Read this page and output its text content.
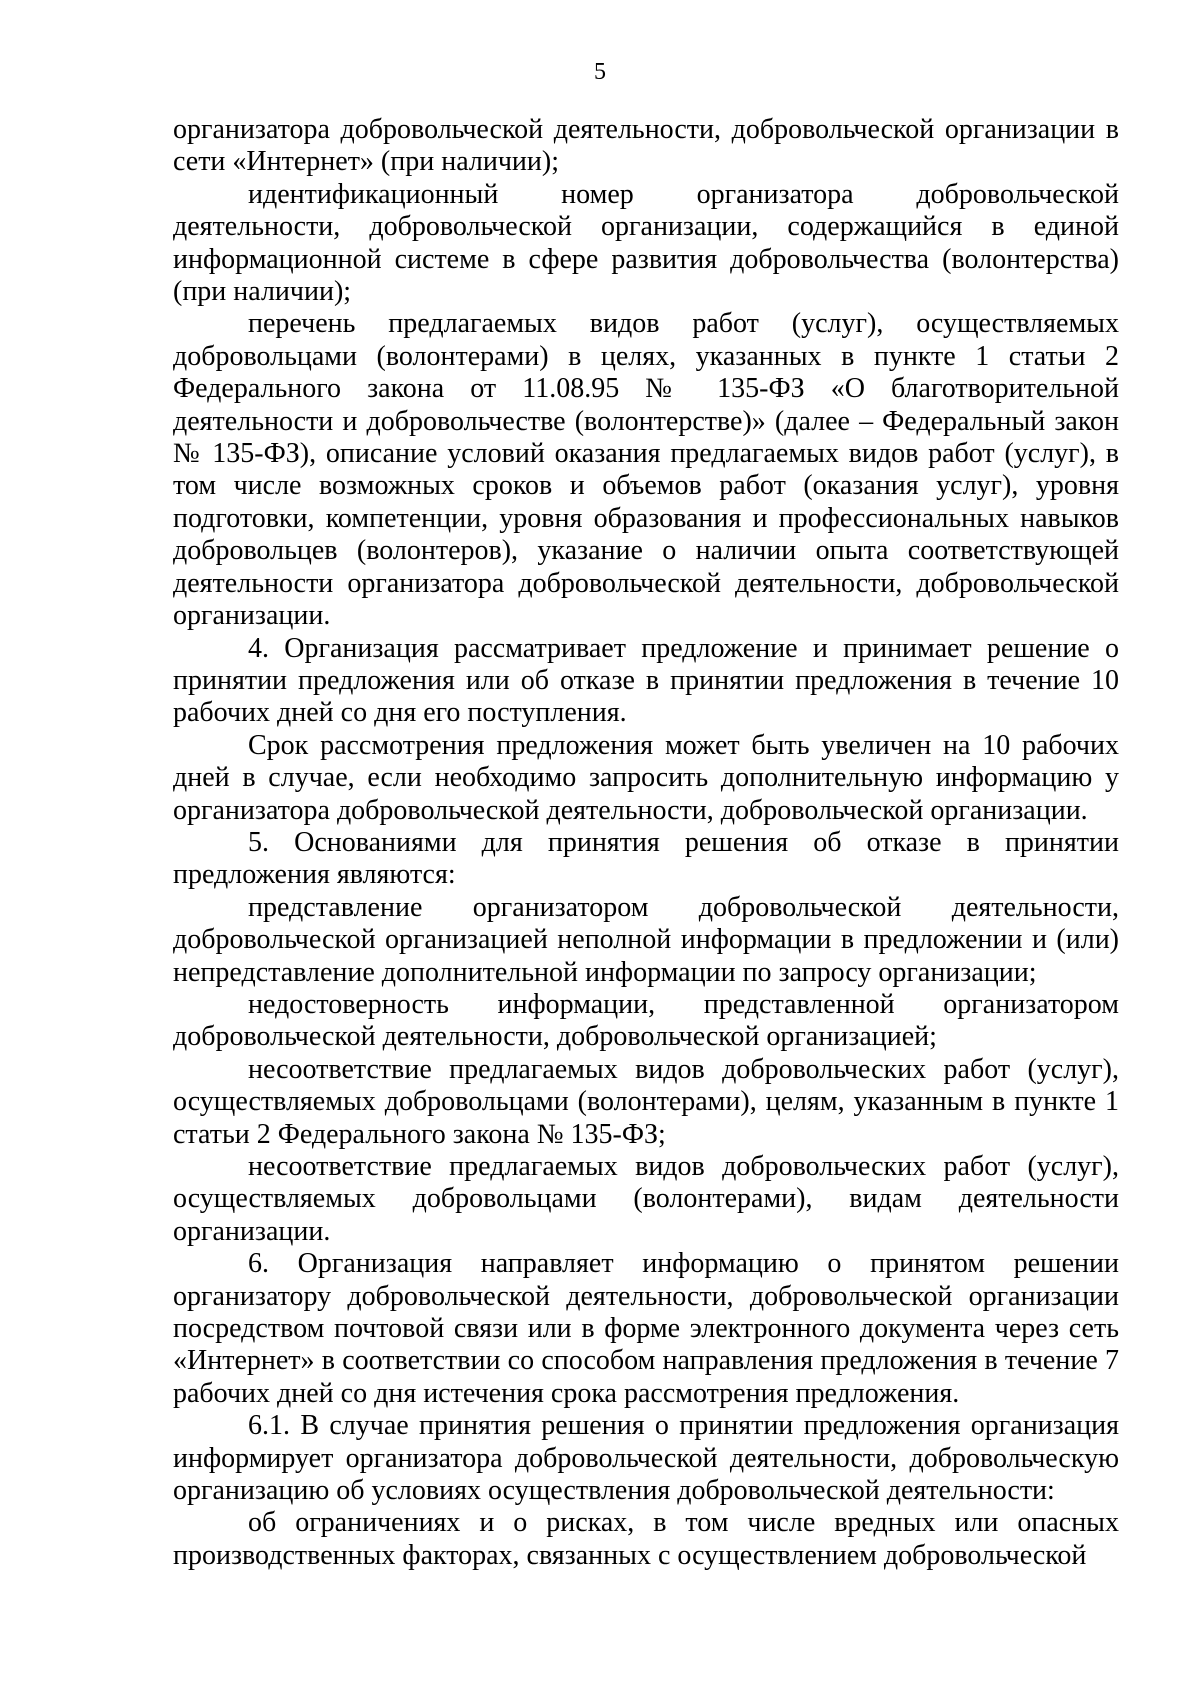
5

организатора добровольческой деятельности, добровольческой организации в сети «Интернет» (при наличии);

идентификационный номер организатора добровольческой деятельности, добровольческой организации, содержащийся в единой информационной системе в сфере развития добровольчества (волонтерства) (при наличии);

перечень предлагаемых видов работ (услуг), осуществляемых добровольцами (волонтерами) в целях, указанных в пункте 1 статьи 2 Федерального закона от 11.08.95 № 135-ФЗ «О благотворительной деятельности и добровольчестве (волонтерстве)» (далее – Федеральный закон № 135-ФЗ), описание условий оказания предлагаемых видов работ (услуг), в том числе возможных сроков и объемов работ (оказания услуг), уровня подготовки, компетенции, уровня образования и профессиональных навыков добровольцев (волонтеров), указание о наличии опыта соответствующей деятельности организатора добровольческой деятельности, добровольческой организации.

4. Организация рассматривает предложение и принимает решение о принятии предложения или об отказе в принятии предложения в течение 10 рабочих дней со дня его поступления.

Срок рассмотрения предложения может быть увеличен на 10 рабочих дней в случае, если необходимо запросить дополнительную информацию у организатора добровольческой деятельности, добровольческой организации.

5. Основаниями для принятия решения об отказе в принятии предложения являются:

представление организатором добровольческой деятельности, добровольческой организацией неполной информации в предложении и (или) непредставление дополнительной информации по запросу организации;

недостоверность информации, представленной организатором добровольческой деятельности, добровольческой организацией;

несоответствие предлагаемых видов добровольческих работ (услуг), осуществляемых добровольцами (волонтерами), целям, указанным в пункте 1 статьи 2 Федерального закона № 135-ФЗ;

несоответствие предлагаемых видов добровольческих работ (услуг), осуществляемых добровольцами (волонтерами), видам деятельности организации.

6. Организация направляет информацию о принятом решении организатору добровольческой деятельности, добровольческой организации посредством почтовой связи или в форме электронного документа через сеть «Интернет» в соответствии со способом направления предложения в течение 7 рабочих дней со дня истечения срока рассмотрения предложения.

6.1. В случае принятия решения о принятии предложения организация информирует организатора добровольческой деятельности, добровольческую организацию об условиях осуществления добровольческой деятельности:

об ограничениях и о рисках, в том числе вредных или опасных производственных факторах, связанных с осуществлением добровольческой
